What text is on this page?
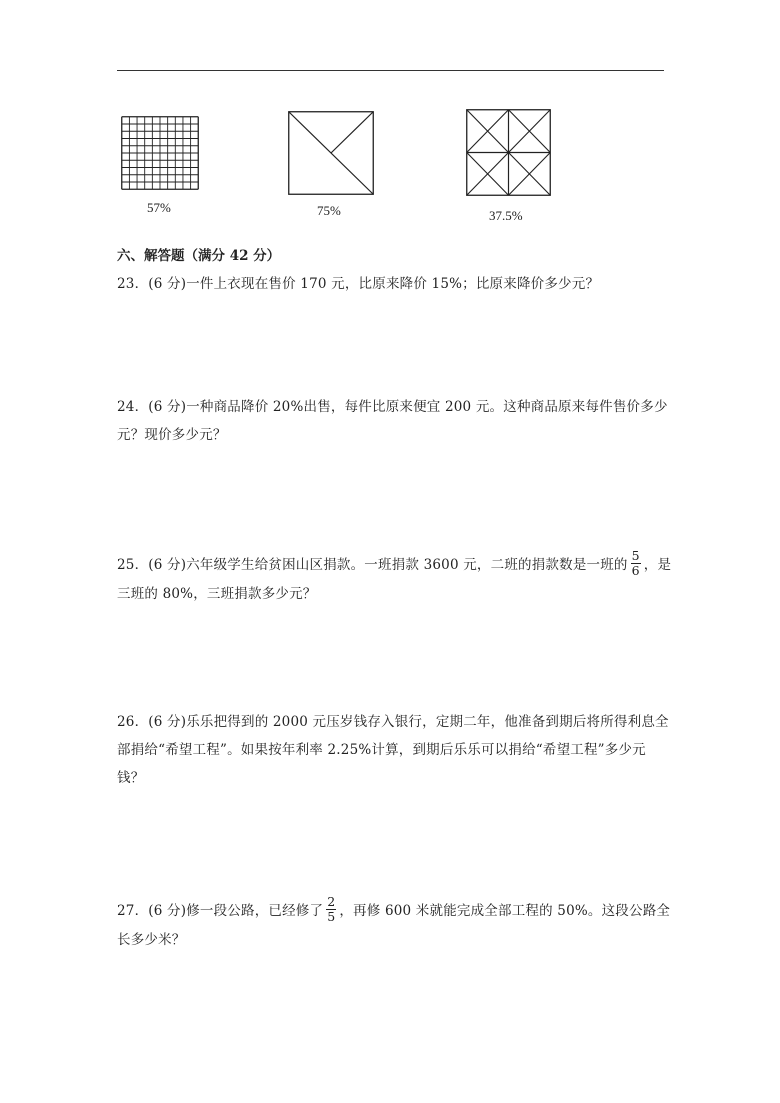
57%	75%	37.5%
六、解答题（满分 42 分）
23．(6 分)一件上衣现在售价 170 元，比原来降价 15%；比原来降价多少元？
24．(6 分)一种商品降价 20%出售，每件比原来便宜 200 元。这种商品原来每件售价多少元？现价多少元？
25．(6 分)六年级学生给贫困山区捐款。一班捐款 3600 元，二班的捐款数是一班的 $\frac{5}{6}$ ，是三班的 80%，三班捐款多少元？
26．(6 分)乐乐把得到的 2000 元压岁钱存入银行，定期二年，他准备到期后将所得利息全部捐给“希望工程”。如果按年利率 2.25%计算，到期后乐乐可以捐给“希望工程”多少元钱？
27．(6 分)修一段公路，已经修了 $\frac{2}{5}$ ，再修 600 米就能完成全部工程的 50%。这段公路全长多少米？
